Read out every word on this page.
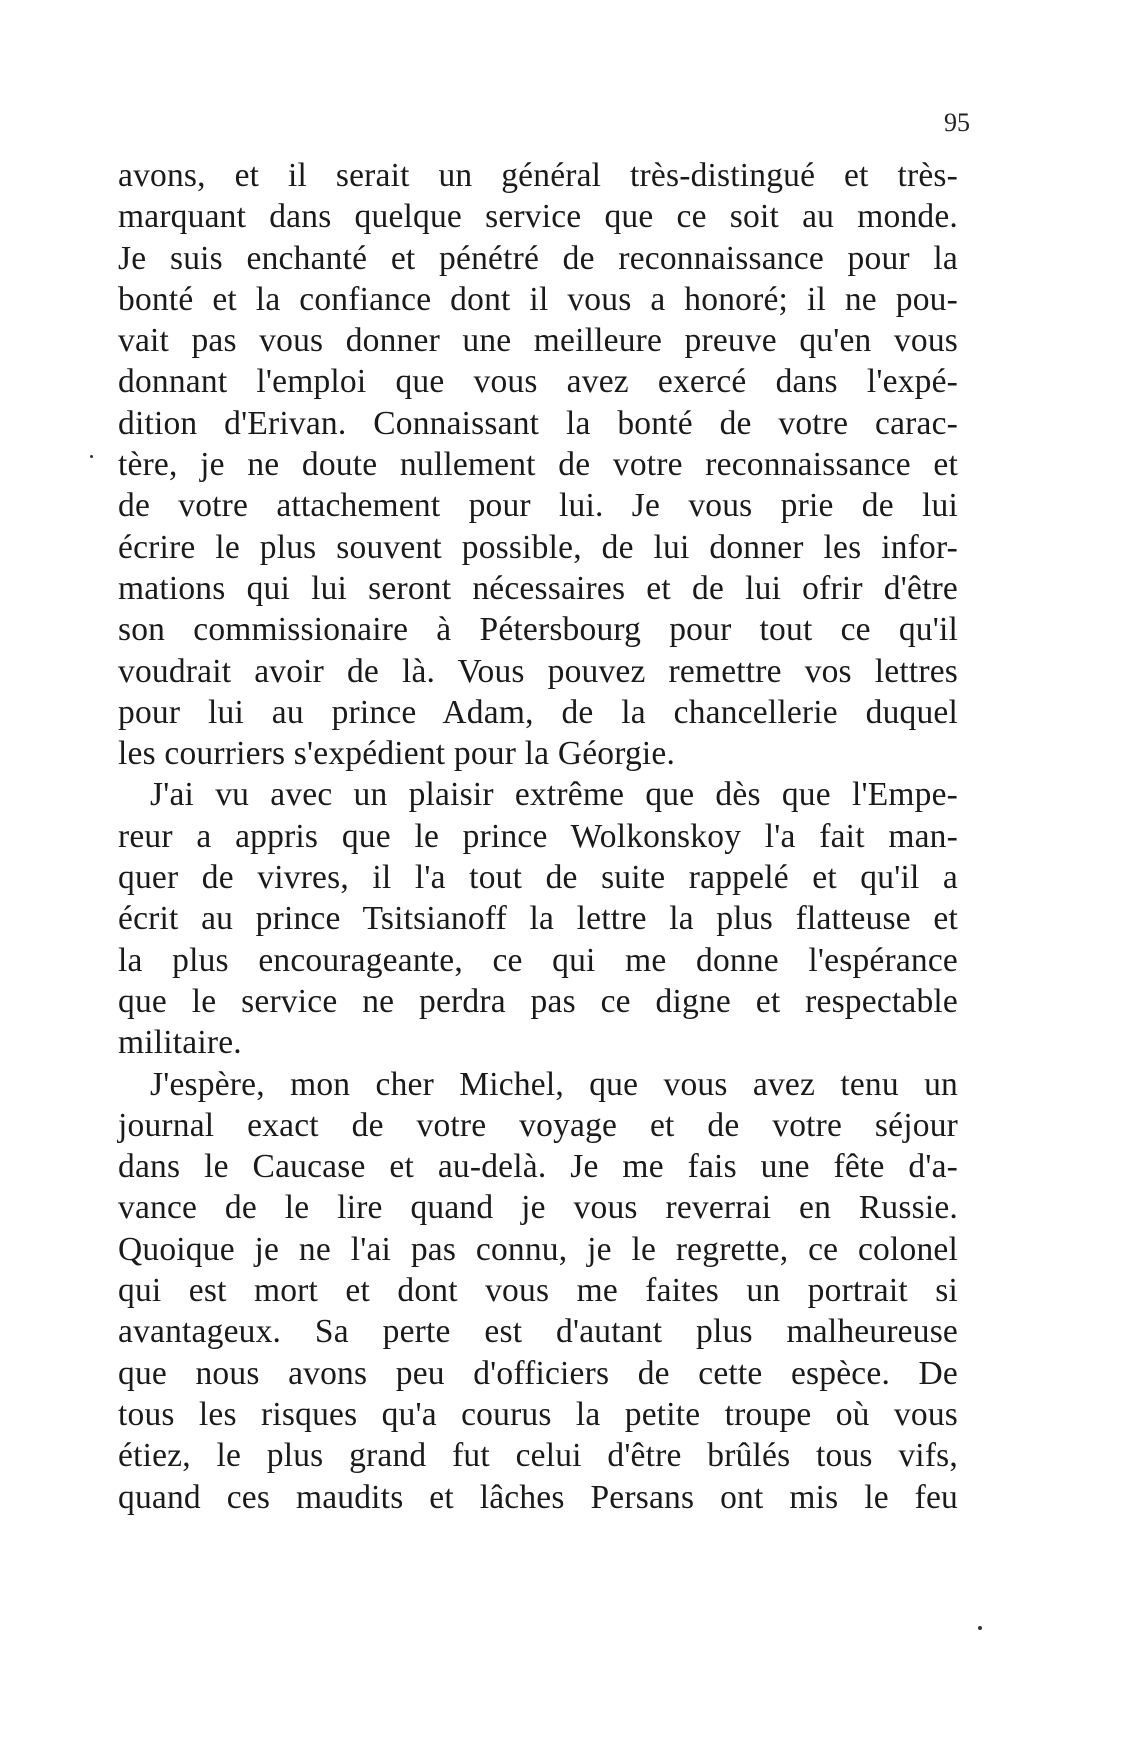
95
avons, et il serait un général très-distingué et très-
marquant dans quelque service que ce soit au monde.
Je suis enchanté et pénétré de reconnaissance pour la
bonté et la confiance dont il vous a honoré; il ne pou-
vait pas vous donner une meilleure preuve qu'en vous
donnant l'emploi que vous avez exercé dans l'expé-
dition d'Erivan. Connaissant la bonté de votre carac-
tère, je ne doute nullement de votre reconnaissance et
de votre attachement pour lui. Je vous prie de lui
écrire le plus souvent possible, de lui donner les infor-
mations qui lui seront nécessaires et de lui ofrir d'être
son commissionaire à Pétersbourg pour tout ce qu'il
voudrait avoir de là. Vous pouvez remettre vos lettres
pour lui au prince Adam, de la chancellerie duquel
les courriers s'expédient pour la Géorgie.
J'ai vu avec un plaisir extrême que dès que l'Empe-
reur a appris que le prince Wolkonskoy l'a fait man-
quer de vivres, il l'a tout de suite rappelé et qu'il a
écrit au prince Tsitsianoff la lettre la plus flatteuse et
la plus encourageante, ce qui me donne l'espérance
que le service ne perdra pas ce digne et respectable
militaire.
J'espère, mon cher Michel, que vous avez tenu un
journal exact de votre voyage et de votre séjour
dans le Caucase et au-delà. Je me fais une fête d'a-
vance de le lire quand je vous reverrai en Russie.
Quoique je ne l'ai pas connu, je le regrette, ce colonel
qui est mort et dont vous me faites un portrait si
avantageux. Sa perte est d'autant plus malheureuse
que nous avons peu d'officiers de cette espèce. De
tous les risques qu'a courus la petite troupe où vous
étiez, le plus grand fut celui d'être brûlés tous vifs,
quand ces maudits et lâches Persans ont mis le feu
